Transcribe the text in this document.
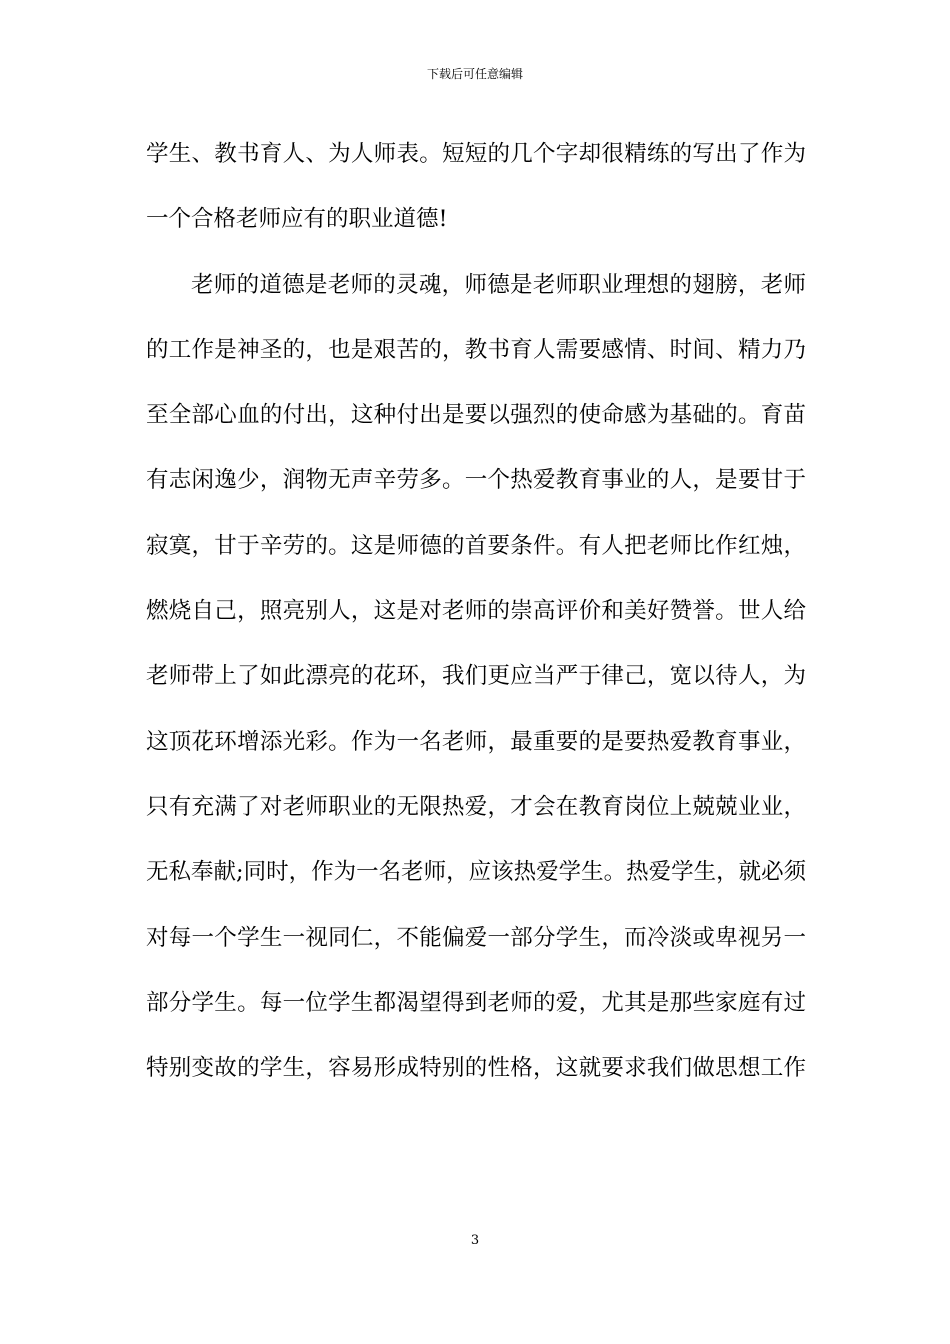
下载后可任意编辑
学生、教书育人、为人师表。短短的几个字却很精练的写出了作为
一个合格老师应有的职业道德!
老师的道德是老师的灵魂，师德是老师职业理想的翅膀，老师
的工作是神圣的，也是艰苦的，教书育人需要感情、时间、精力乃
至全部心血的付出，这种付出是要以强烈的使命感为基础的。育苗
有志闲逸少，润物无声辛劳多。一个热爱教育事业的人，是要甘于
寂寞，甘于辛劳的。这是师德的首要条件。有人把老师比作红烛，
燃烧自己，照亮别人，这是对老师的崇高评价和美好赞誉。世人给
老师带上了如此漂亮的花环，我们更应当严于律己，宽以待人，为
这顶花环增添光彩。作为一名老师，最重要的是要热爱教育事业，
只有充满了对老师职业的无限热爱，才会在教育岗位上兢兢业业，
无私奉献;同时，作为一名老师，应该热爱学生。热爱学生，就必须
对每一个学生一视同仁，不能偏爱一部分学生，而冷淡或卑视另一
部分学生。每一位学生都渴望得到老师的爱，尤其是那些家庭有过
特别变故的学生，容易形成特别的性格，这就要求我们做思想工作
3
